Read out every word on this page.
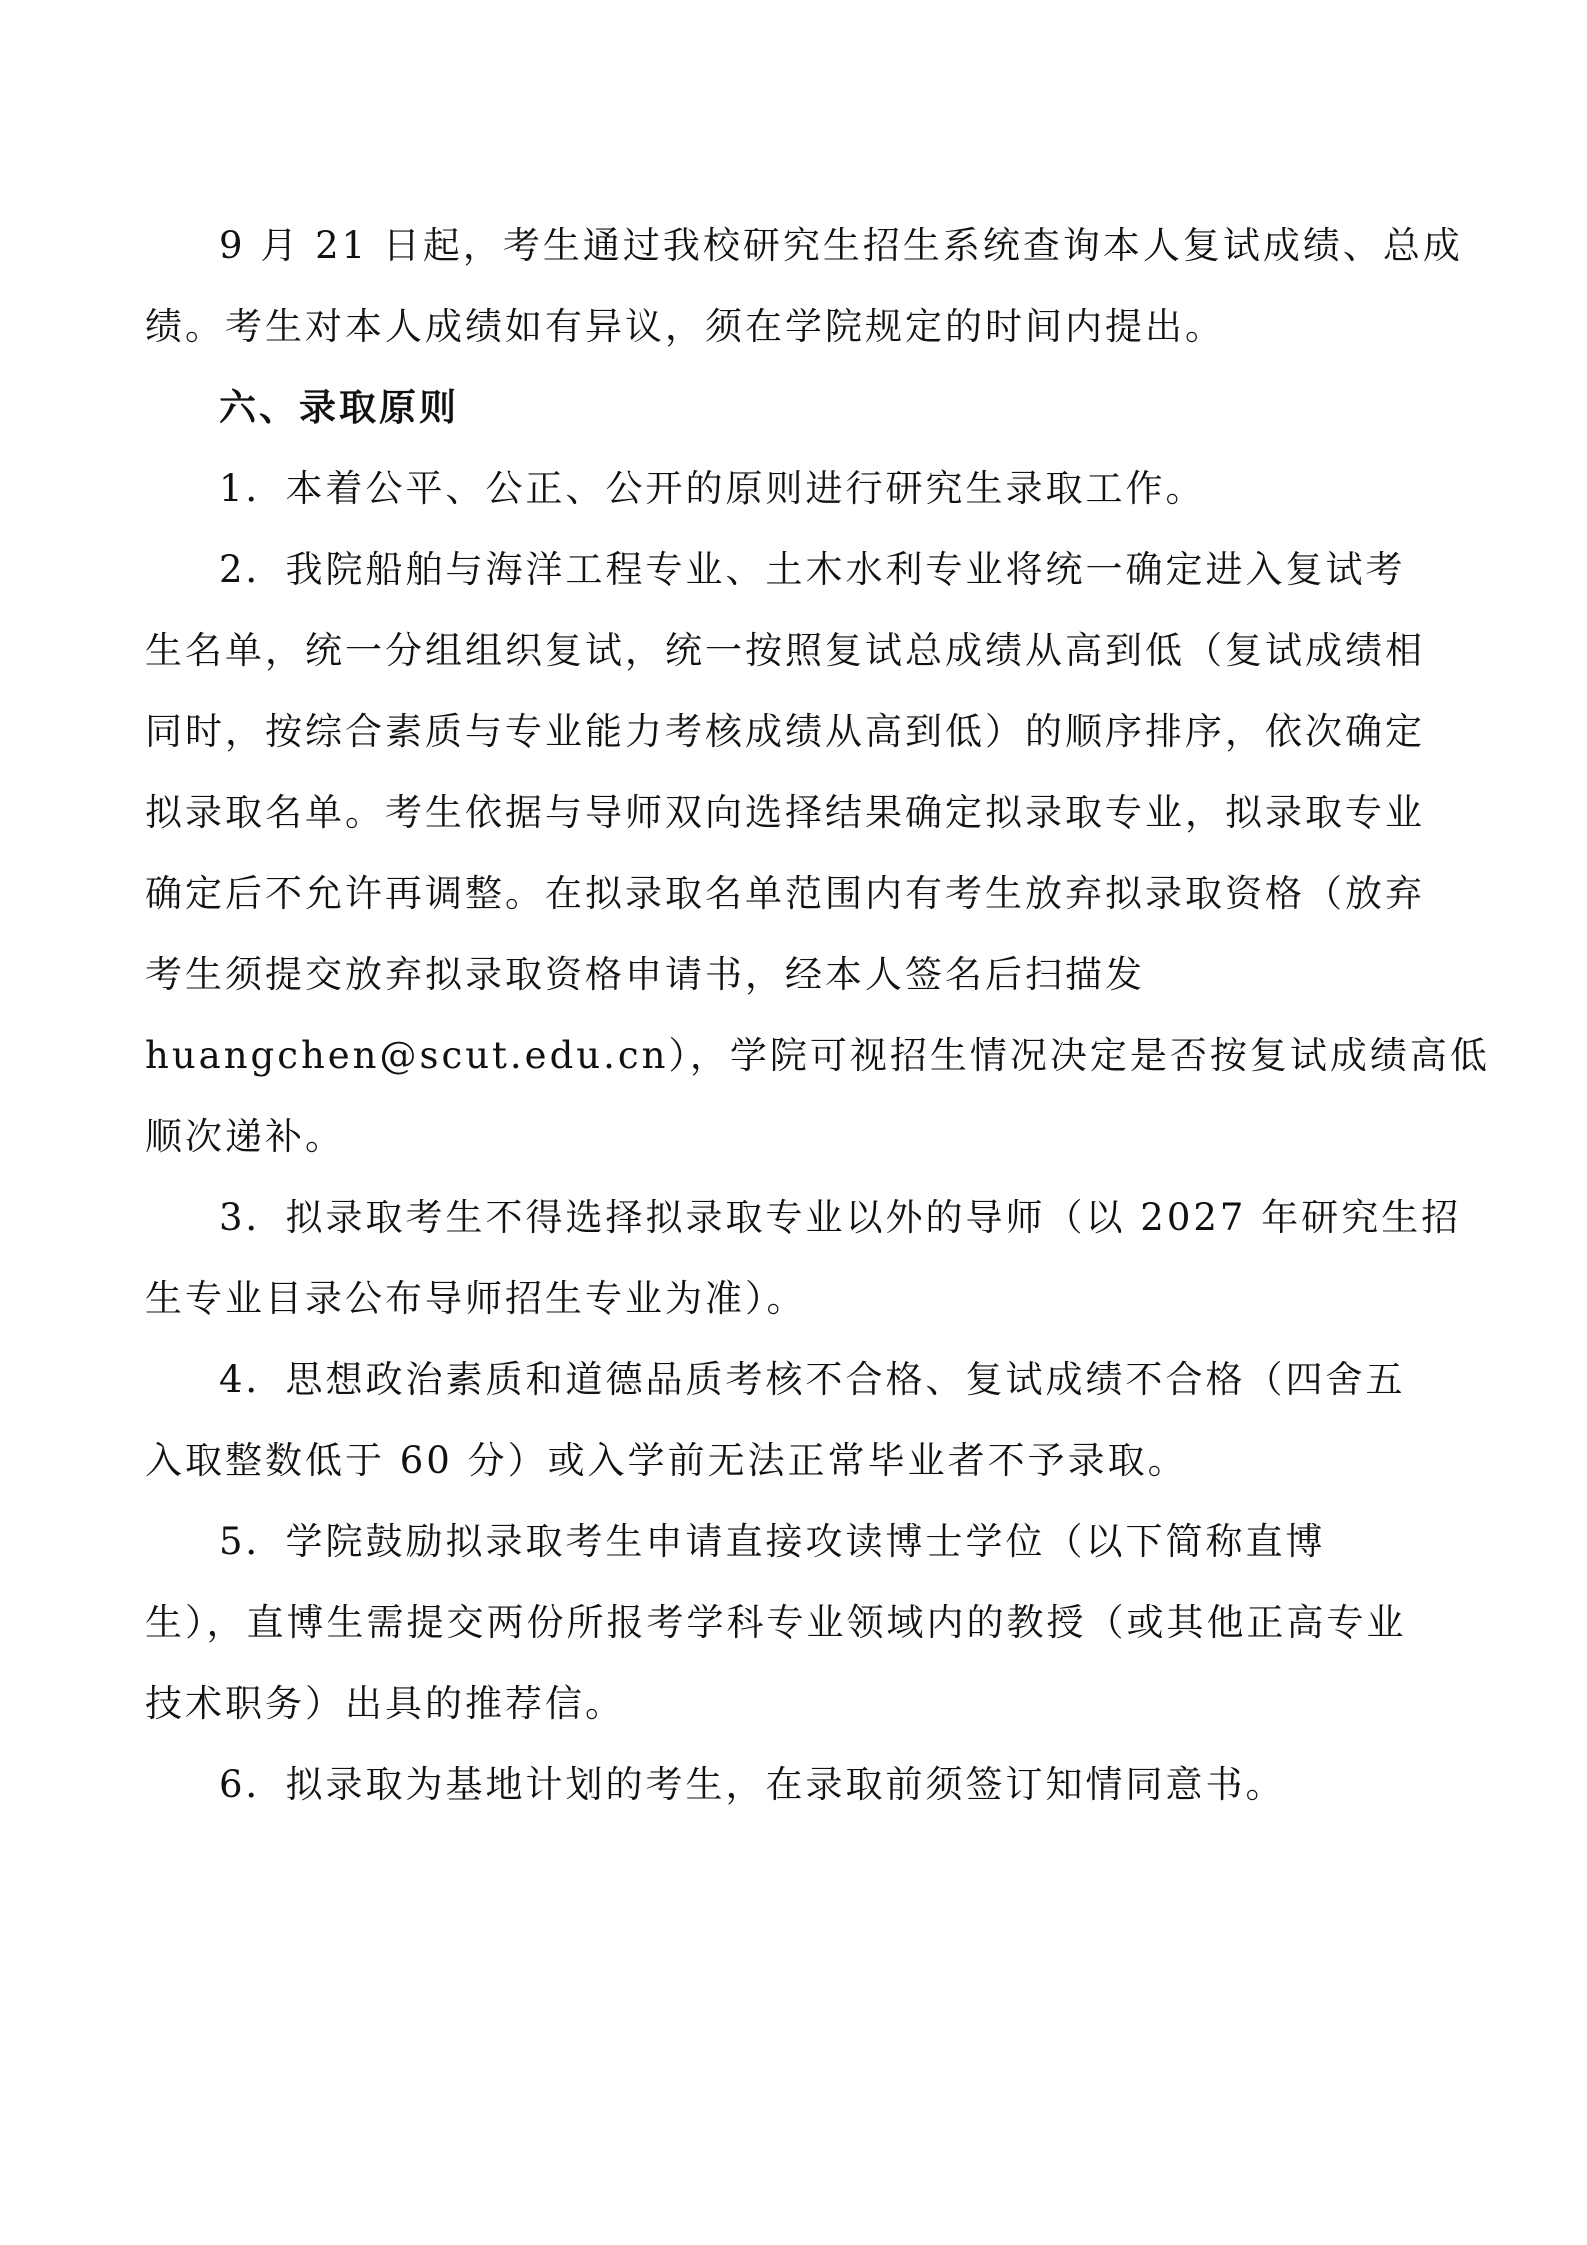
9 月 21 日起，考生通过我校研究生招生系统查询本人复试成绩、总成
绩。考生对本人成绩如有异议，须在学院规定的时间内提出。

六、录取原则

1．本着公平、公正、公开的原则进行研究生录取工作。

2．我院船舶与海洋工程专业、土木水利专业将统一确定进入复试考
生名单，统一分组组织复试，统一按照复试总成绩从高到低（复试成绩相
同时，按综合素质与专业能力考核成绩从高到低）的顺序排序，依次确定
拟录取名单。考生依据与导师双向选择结果确定拟录取专业，拟录取专业
确定后不允许再调整。在拟录取名单范围内有考生放弃拟录取资格（放弃
考生须提交放弃拟录取资格申请书，经本人签名后扫描发
huangchen@scut.edu.cn），学院可视招生情况决定是否按复试成绩高低
顺次递补。

3．拟录取考生不得选择拟录取专业以外的导师（以 2027 年研究生招
生专业目录公布导师招生专业为准）。

4．思想政治素质和道德品质考核不合格、复试成绩不合格（四舍五
入取整数低于 60 分）或入学前无法正常毕业者不予录取。

5．学院鼓励拟录取考生申请直接攻读博士学位（以下简称直博
生），直博生需提交两份所报考学科专业领域内的教授（或其他正高专业
技术职务）出具的推荐信。

6．拟录取为基地计划的考生，在录取前须签订知情同意书。
